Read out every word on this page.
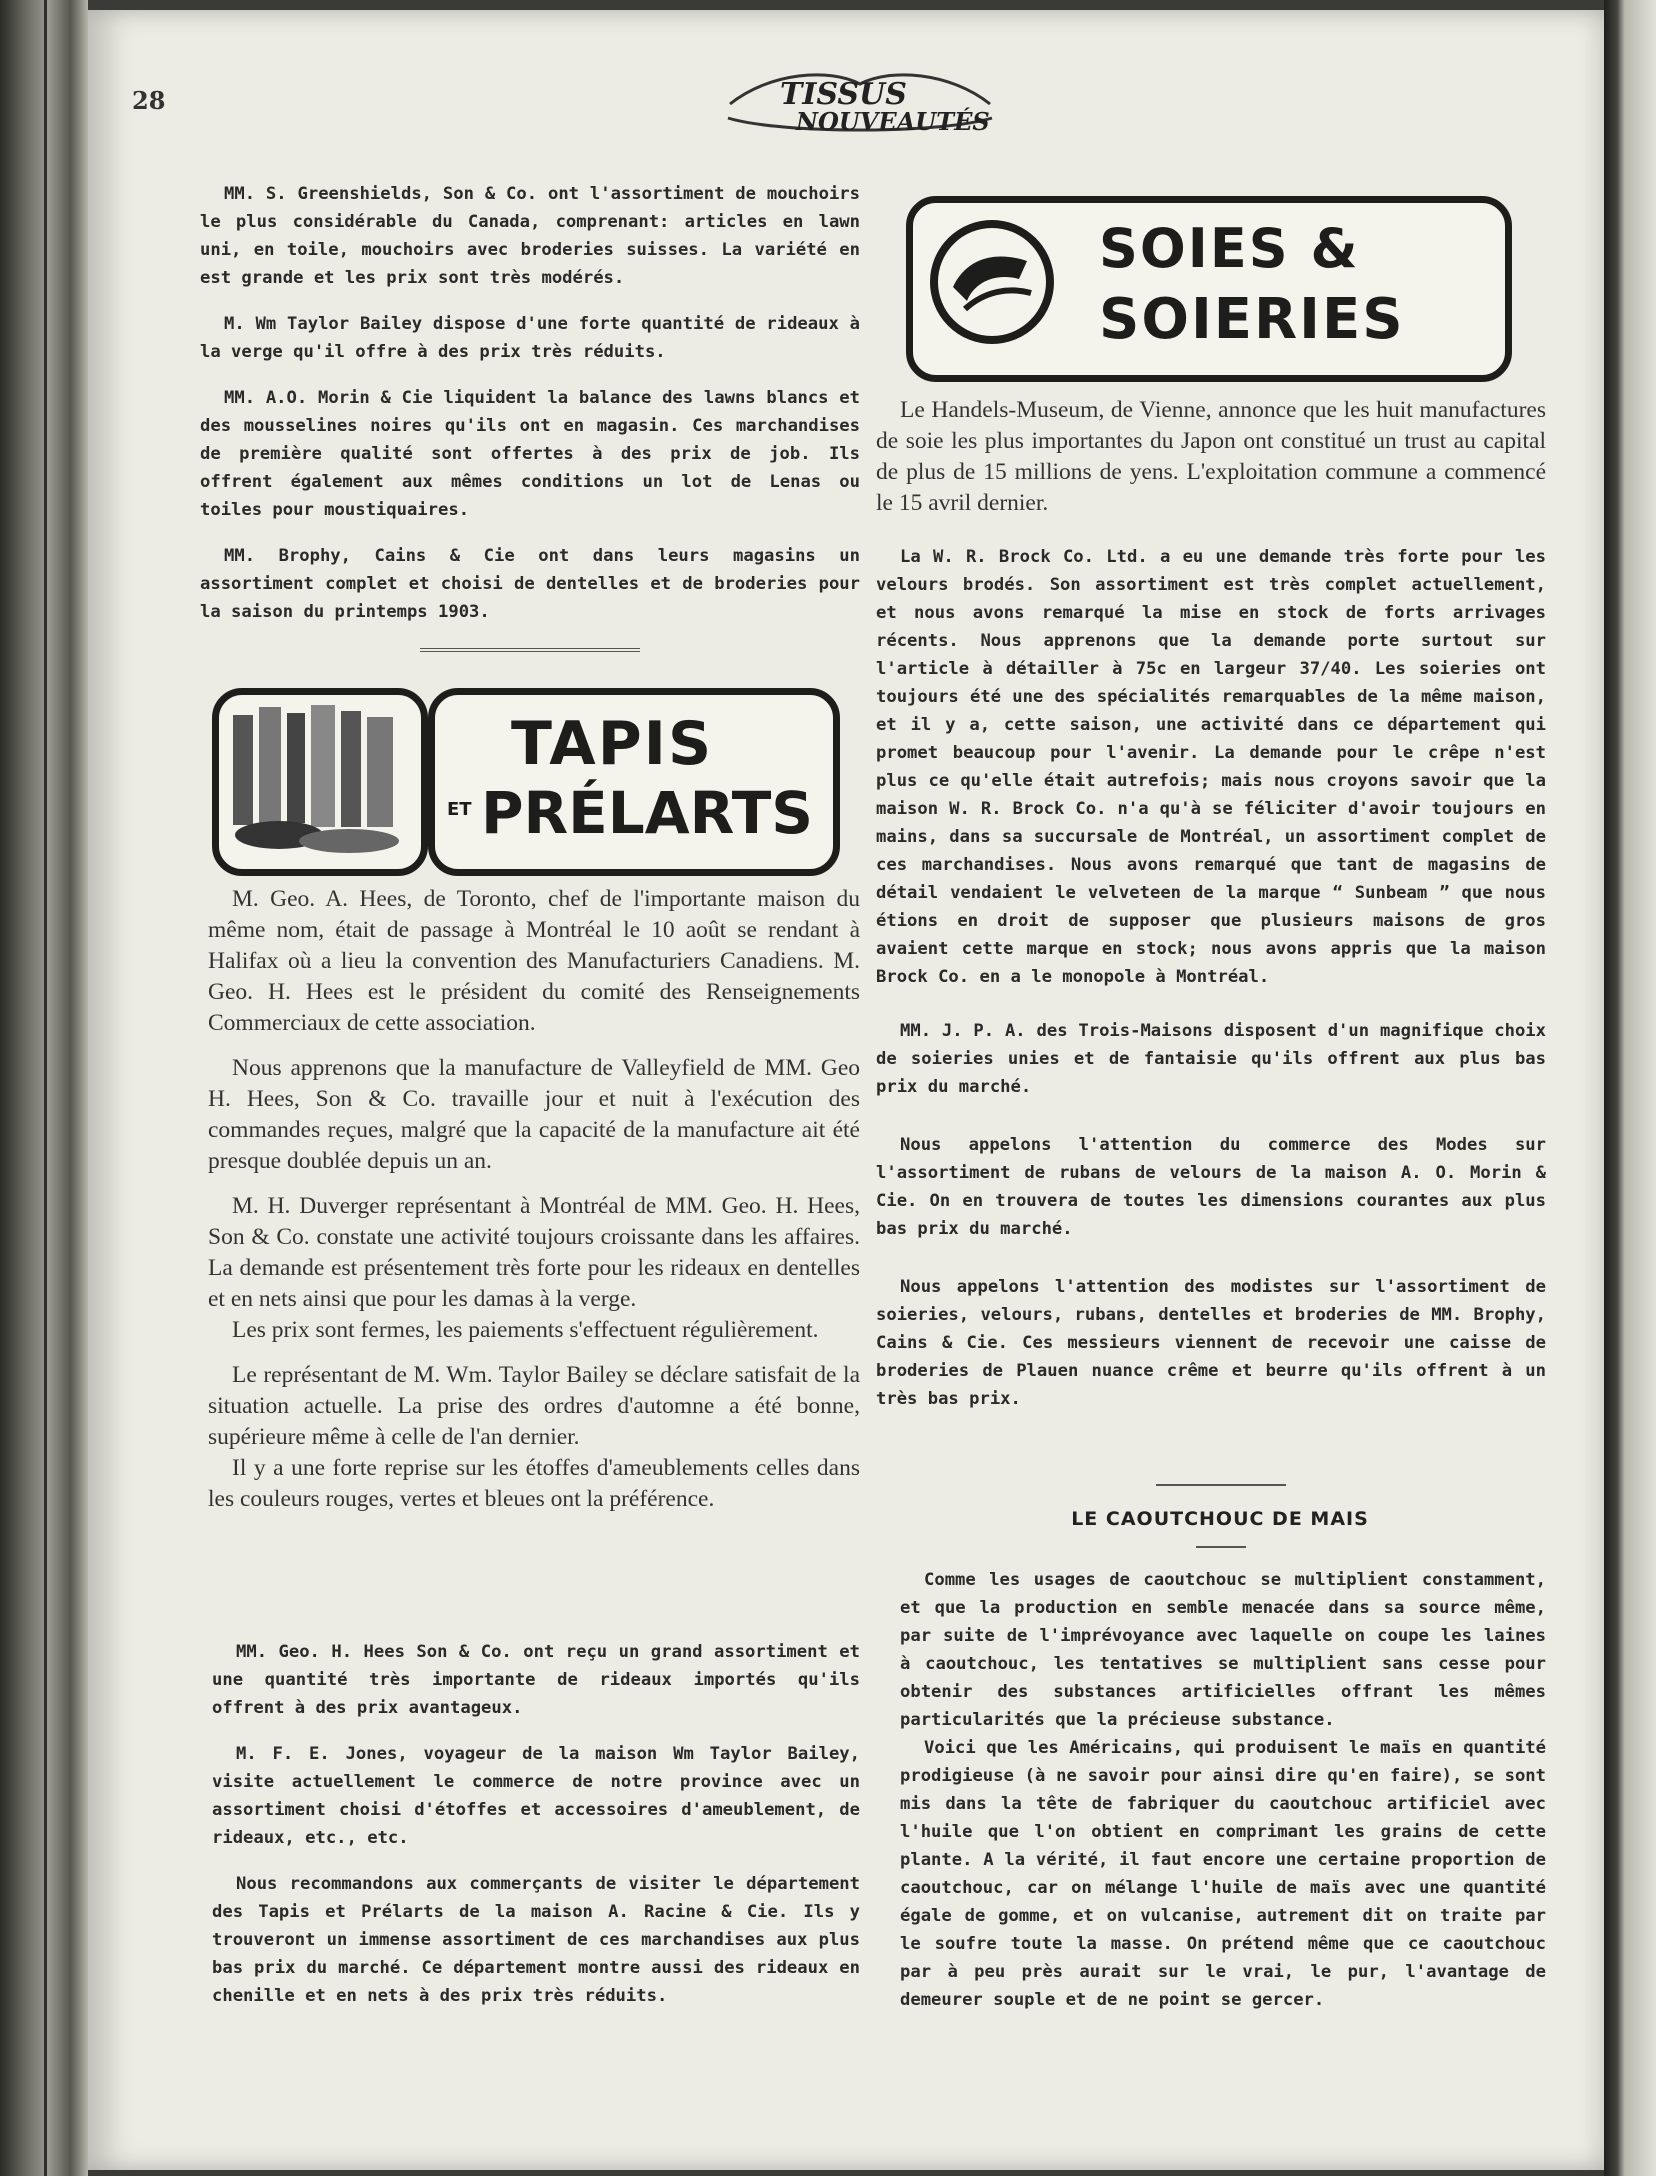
28	TISSUS
NOUVEAUTÉS

MM. S. Greenshields, Son & Co. ont l'assortiment de mouchoirs le plus considérable du Canada, comprenant: articles en lawn uni, en toile, mouchoirs avec broderies suisses. La variété en est grande et les prix sont très modérés.

M. Wm Taylor Bailey dispose d'une forte quantité de rideaux à la verge qu'il offre à des prix très réduits.

MM. A.O. Morin & Cie liquident la balance des lawns blancs et des mousselines noires qu'ils ont en magasin. Ces marchandises de première qualité sont offertes à des prix de job. Ils offrent également aux mêmes conditions un lot de Lenas ou toiles pour moustiquaires.

MM. Brophy, Cains & Cie ont dans leurs magasins un assortiment complet et choisi de dentelles et de broderies pour la saison du printemps 1903.

TAPIS
ET PRÉLARTS

M. Geo. A. Hees, de Toronto, chef de l'importante maison du même nom, était de passage à Montréal le 10 août se rendant à Halifax où a lieu la convention des Manufacturiers Canadiens. M. Geo. H. Hees est le président du comité des Renseignements Commerciaux de cette association.

Nous apprenons que la manufacture de Valleyfield de MM. Geo H. Hees, Son & Co. travaille jour et nuit à l'exécution des commandes reçues, malgré que la capacité de la manufacture ait été presque doublée depuis un an.

M. H. Duverger représentant à Montréal de MM. Geo. H. Hees, Son & Co. constate une activité toujours croissante dans les affaires. La demande est présentement très forte pour les rideaux en dentelles et en nets ainsi que pour les damas à la verge.

Les prix sont fermes, les paiements s'effectuent régulièrement.

Le représentant de M. Wm. Taylor Bailey se déclare satisfait de la situation actuelle. La prise des ordres d'automne a été bonne, supérieure même à celle de l'an dernier.

Il y a une forte reprise sur les étoffes d'ameublements celles dans les couleurs rouges, vertes et bleues ont la préférence.

MM. Geo. H. Hees Son & Co. ont reçu un grand assortiment et une quantité très importante de rideaux importés qu'ils offrent à des prix avantageux.

M. F. E. Jones, voyageur de la maison Wm Taylor Bailey, visite actuellement le commerce de notre province avec un assortiment choisi d'étoffes et accessoires d'ameublement, de rideaux, etc., etc.

Nous recommandons aux commerçants de visiter le département des Tapis et Prélarts de la maison A. Racine & Cie. Ils y trouveront un immense assortiment de ces marchandises aux plus bas prix du marché. Ce département montre aussi des rideaux en chenille et en nets à des prix très réduits.

SOIES &
SOIERIES

Le Handels-Museum, de Vienne, annonce que les huit manufactures de soie les plus importantes du Japon ont constitué un trust au capital de plus de 15 millions de yens. L'exploitation commune a commencé le 15 avril dernier.

La W. R. Brock Co. Ltd. a eu une demande très forte pour les velours brodés. Son assortiment est très complet actuellement, et nous avons remarqué la mise en stock de forts arrivages récents. Nous apprenons que la demande porte surtout sur l'article à détailler à 75c en largeur 37/40. Les soieries ont toujours été une des spécialités remarquables de la même maison, et il y a, cette saison, une activité dans ce département qui promet beaucoup pour l'avenir. La demande pour le crêpe n'est plus ce qu'elle était autrefois; mais nous croyons savoir que la maison W. R. Brock Co. n'a qu'à se féliciter d'avoir toujours en mains, dans sa succursale de Montréal, un assortiment complet de ces marchandises. Nous avons remarqué que tant de magasins de détail vendaient le velveteen de la marque “ Sunbeam ” que nous étions en droit de supposer que plusieurs maisons de gros avaient cette marque en stock; nous avons appris que la maison Brock Co. en a le monopole à Montréal.

MM. J. P. A. des Trois-Maisons disposent d'un magnifique choix de soieries unies et de fantaisie qu'ils offrent aux plus bas prix du marché.

Nous appelons l'attention du commerce des Modes sur l'assortiment de rubans de velours de la maison A. O. Morin & Cie. On en trouvera de toutes les dimensions courantes aux plus bas prix du marché.

Nous appelons l'attention des modistes sur l'assortiment de soieries, velours, rubans, dentelles et broderies de MM. Brophy, Cains & Cie. Ces messieurs viennent de recevoir une caisse de broderies de Plauen nuance crême et beurre qu'ils offrent à un très bas prix.

LE CAOUTCHOUC DE MAIS

Comme les usages de caoutchouc se multiplient constamment, et que la production en semble menacée dans sa source même, par suite de l'imprévoyance avec laquelle on coupe les laines à caoutchouc, les tentatives se multiplient sans cesse pour obtenir des substances artificielles offrant les mêmes particularités que la précieuse substance.

Voici que les Américains, qui produisent le maïs en quantité prodigieuse (à ne savoir pour ainsi dire qu'en faire), se sont mis dans la tête de fabriquer du caoutchouc artificiel avec l'huile que l'on obtient en comprimant les grains de cette plante. A la vérité, il faut encore une certaine proportion de caoutchouc, car on mélange l'huile de maïs avec une quantité égale de gomme, et on vulcanise, autrement dit on traite par le soufre toute la masse. On prétend même que ce caoutchouc par à peu près aurait sur le vrai, le pur, l'avantage de demeurer souple et de ne point se gercer.
